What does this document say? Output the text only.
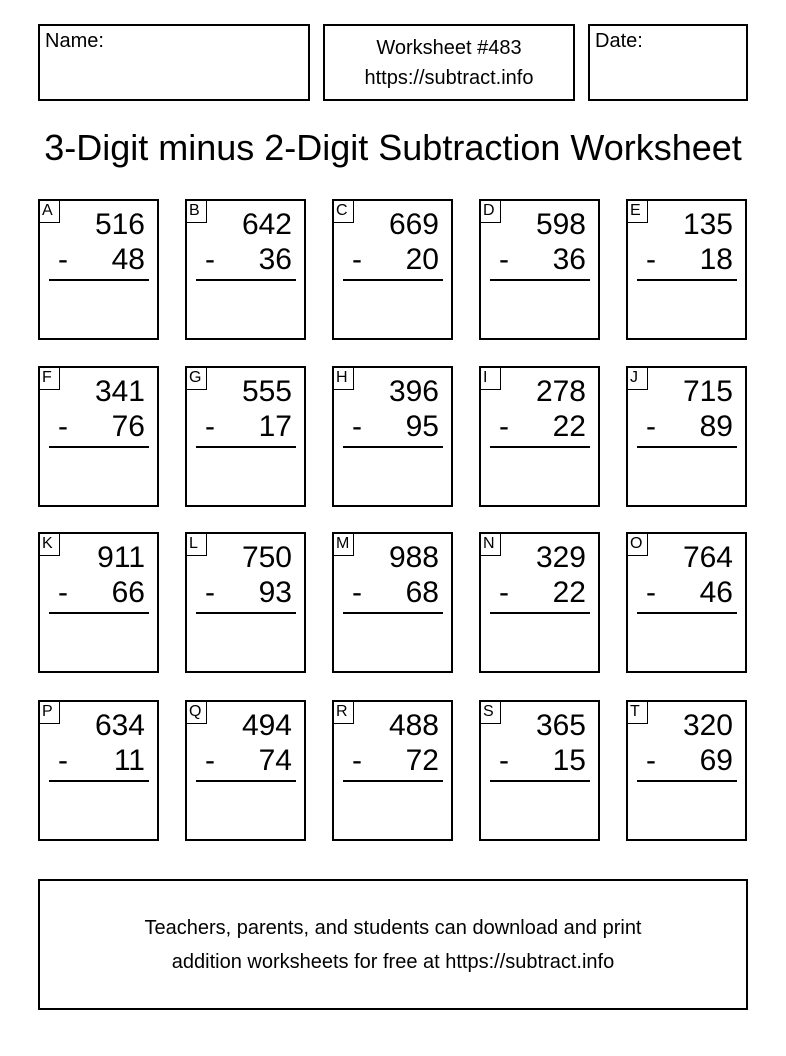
Name:	Worksheet #483
https://subtract.info
Date:
3-Digit minus 2-Digit Subtraction Worksheet
A 516
- 48
B 642
- 36
C 669
- 20
D 598
- 36
E 135
- 18
F 341
- 76
G 555
- 17
H 396
- 95
I	278
- 22
J	715
- 89
K 911
- 66
L	750
- 93
M 988
- 68
N 329
- 22
O 764
- 46
P 634
- 11
Q 494
- 74
R 488
- 72
S 365
- 15
T 320
- 69
Teachers, parents, and students can download and print
addition worksheets for free at https://subtract.info
